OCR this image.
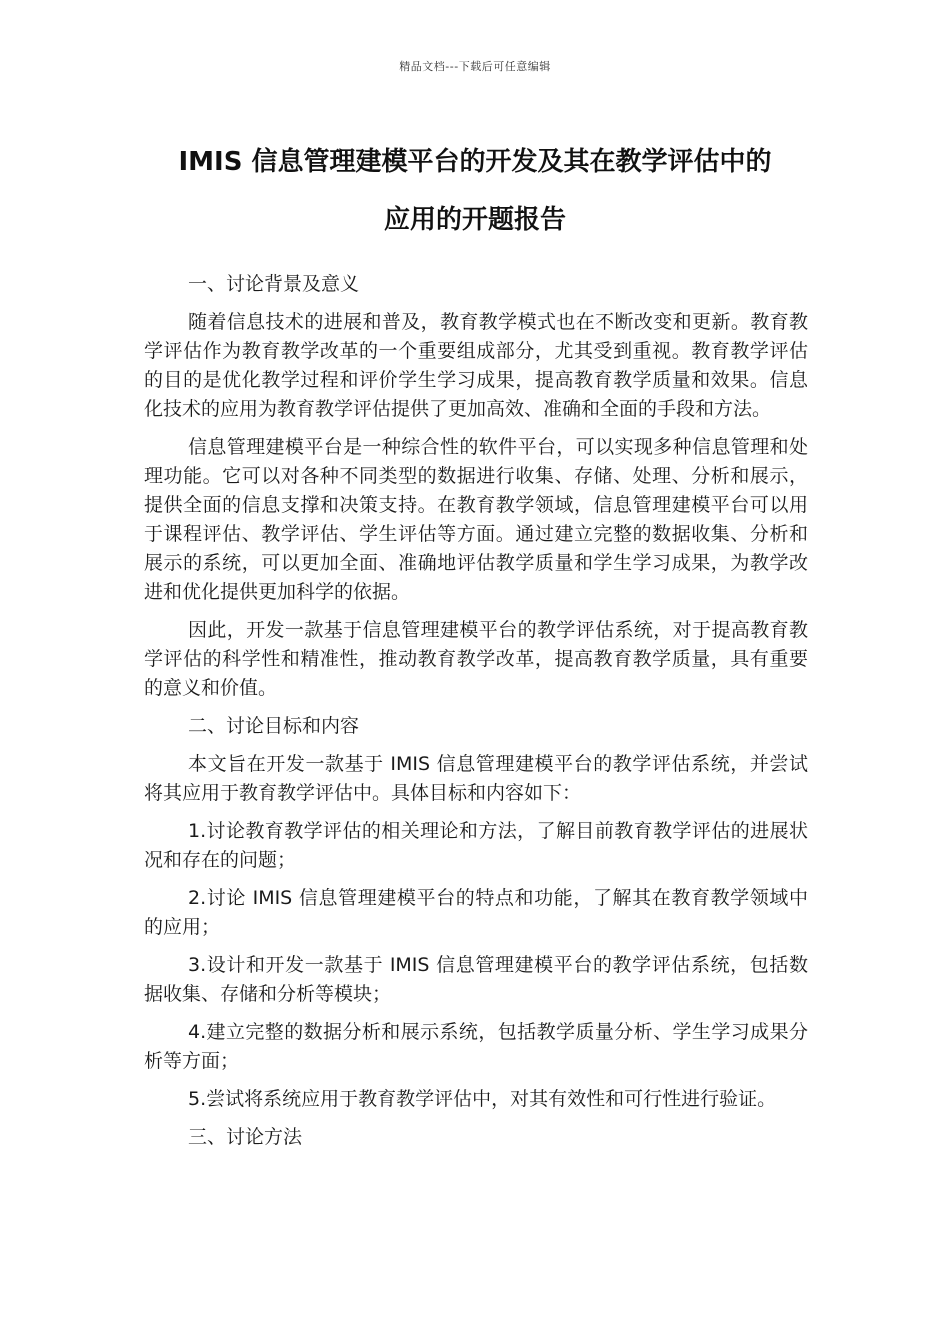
精品文档---下载后可任意编辑
IMIS 信息管理建模平台的开发及其在教学评估中的
应用的开题报告

一、讨论背景及意义

随着信息技术的进展和普及，教育教学模式也在不断改变和更新。教育教学评估作为教育教学改革的一个重要组成部分，尤其受到重视。教育教学评估的目的是优化教学过程和评价学生学习成果，提高教育教学质量和效果。信息化技术的应用为教育教学评估提供了更加高效、准确和全面的手段和方法。

信息管理建模平台是一种综合性的软件平台，可以实现多种信息管理和处理功能。它可以对各种不同类型的数据进行收集、存储、处理、分析和展示，提供全面的信息支撑和决策支持。在教育教学领域，信息管理建模平台可以用于课程评估、教学评估、学生评估等方面。通过建立完整的数据收集、分析和展示的系统，可以更加全面、准确地评估教学质量和学生学习成果，为教学改进和优化提供更加科学的依据。

因此，开发一款基于信息管理建模平台的教学评估系统，对于提高教育教学评估的科学性和精准性，推动教育教学改革，提高教育教学质量，具有重要的意义和价值。

二、讨论目标和内容

本文旨在开发一款基于 IMIS 信息管理建模平台的教学评估系统，并尝试将其应用于教育教学评估中。具体目标和内容如下：

1.讨论教育教学评估的相关理论和方法，了解目前教育教学评估的进展状况和存在的问题；

2.讨论 IMIS 信息管理建模平台的特点和功能，了解其在教育教学领域中的应用；

3.设计和开发一款基于 IMIS 信息管理建模平台的教学评估系统，包括数据收集、存储和分析等模块；

4.建立完整的数据分析和展示系统，包括教学质量分析、学生学习成果分析等方面；

5.尝试将系统应用于教育教学评估中，对其有效性和可行性进行验证。

三、讨论方法
